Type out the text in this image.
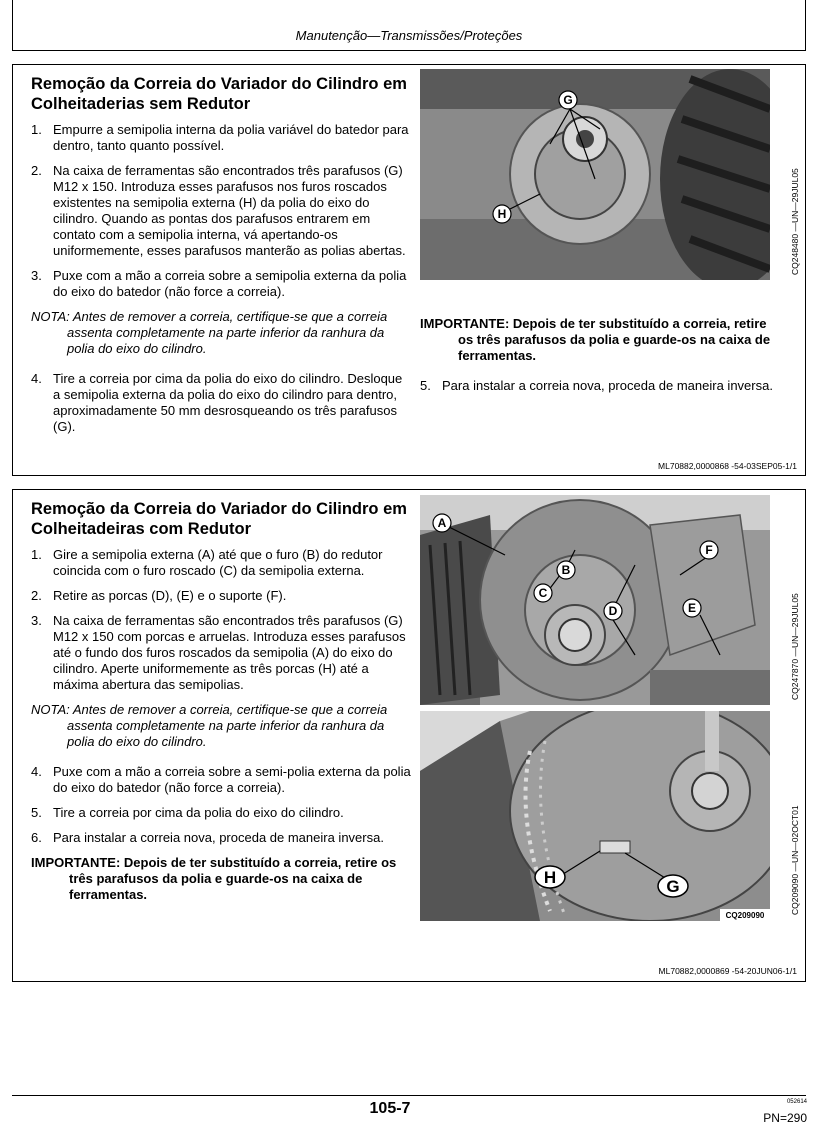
Manutenção—Transmissões/Proteções
Remoção da Correia do Variador do Cilindro em Colheitaderias sem Redutor
1. Empurre a semipolia interna da polia variável do batedor para dentro, tanto quanto possível.
2. Na caixa de ferramentas são encontrados três parafusos (G) M12 x 150. Introduza esses parafusos nos furos roscados existentes na semipolia externa (H) da polia do eixo do cilindro. Quando as pontas dos parafusos entrarem em contato com a semipolia interna, vá apertando-os uniformemente, esses parafusos manterão as polias abertas.
3. Puxe com a mão a correia sobre a semipolia externa da polia do eixo do batedor (não force a correia).
NOTA: Antes de remover a correia, certifique-se que a correia assenta completamente na parte inferior da ranhura da polia do eixo do cilindro.
4. Tire a correia por cima da polia do eixo do cilindro. Desloque a semipolia externa da polia do eixo do cilindro para dentro, aproximadamente 50 mm desrosqueando os três parafusos (G).
G
H	CQ248480 —UN—29JUL05
IMPORTANTE: Depois de ter substituído a correia, retire os três parafusos da polia e guarde-os na caixa de ferramentas.
5. Para instalar a correia nova, proceda de maneira inversa.
ML70882,0000868 -54-03SEP05-1/1
Remoção da Correia do Variador do Cilindro em Colheitadeiras com Redutor
1. Gire a semipolia externa (A) até que o furo (B) do redutor coincida com o furo roscado (C) da semipolia externa.
2. Retire as porcas (D), (E) e o suporte (F).
3. Na caixa de ferramentas são encontrados três parafusos (G) M12 x 150 com porcas e arruelas. Introduza esses parafusos até o fundo dos furos roscados da semipolia (A) do eixo do cilindro. Aperte uniformemente as três porcas (H) até a máxima abertura das semipolias.
NOTA: Antes de remover a correia, certifique-se que a correia assenta completamente na parte inferior da ranhura da polia do eixo do cilindro.
4. Puxe com a mão a correia sobre a semi-polia externa da polia do eixo do batedor (não force a correia).
5. Tire a correia por cima da polia do eixo do cilindro.
6. Para instalar a correia nova, proceda de maneira inversa.
IMPORTANTE: Depois de ter substituído a correia, retire os três parafusos da polia e guarde-os na caixa de ferramentas.
A
B
C
D	E
F
CQ247870 —UN—29JUL05
H	G
CQ209090
CQ209090 —UN—02OCT01
ML70882,0000869 -54-20JUN06-1/1
105-7	052614
PN=290
